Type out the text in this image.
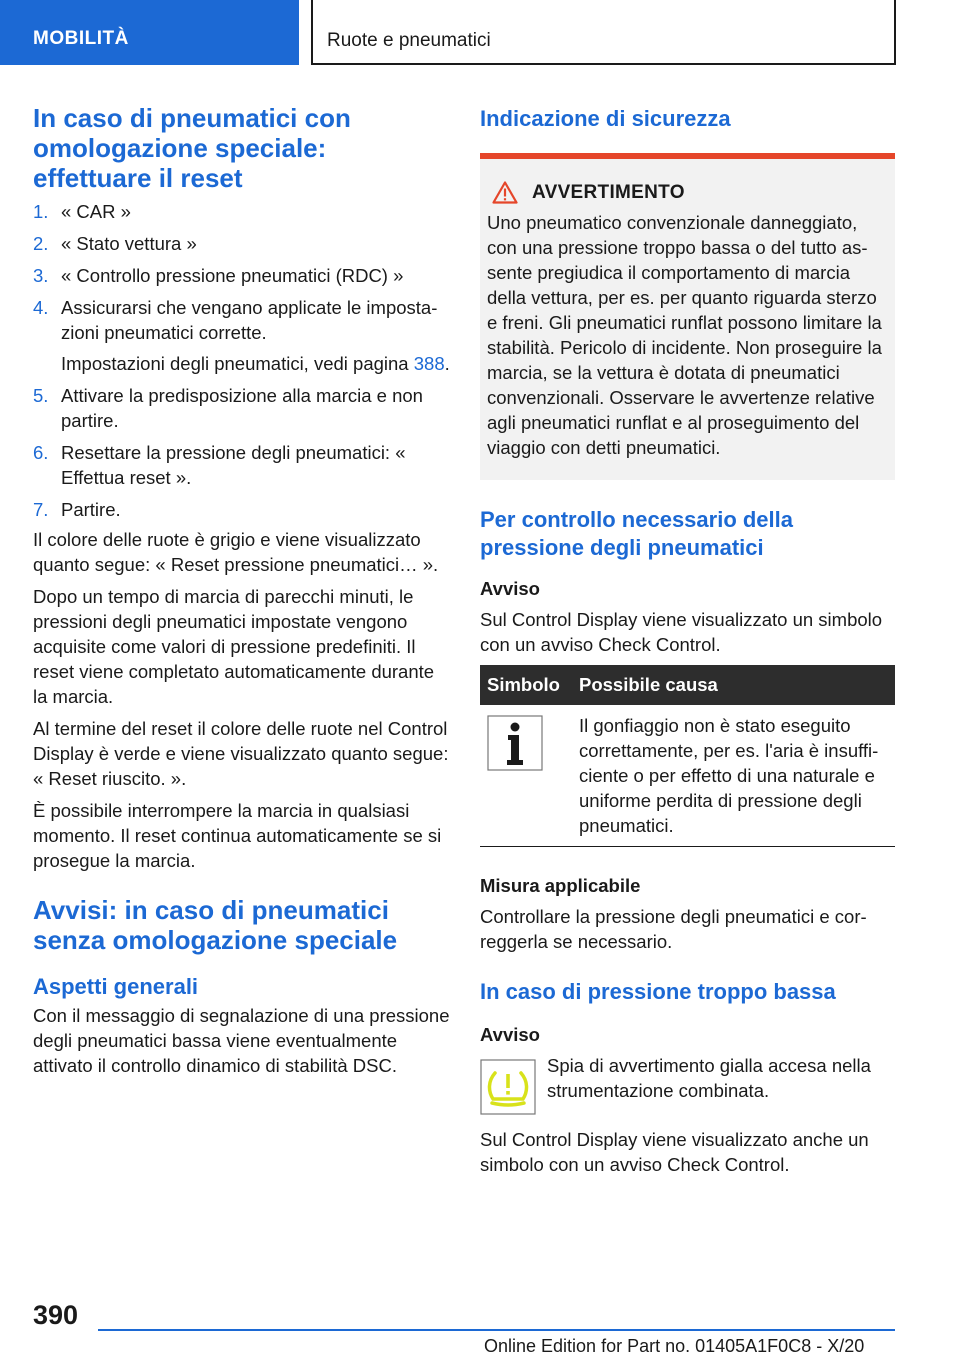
MOBILITÀ	Ruote e pneumatici
In caso di pneumatici con omologazione speciale: effettuare il reset
1. « CAR »
2. « Stato vettura »
3. « Controllo pressione pneumatici (RDC) »
4. Assicurarsi che vengano applicate le impostazioni pneumatici corrette.
Impostazioni degli pneumatici, vedi pagina 388.
5. Attivare la predisposizione alla marcia e non partire.
6. Resettare la pressione degli pneumatici: « Effettua reset ».
7. Partire.

Il colore delle ruote è grigio e viene visualizzato quanto segue: « Reset pressione pneumatici… ».

Dopo un tempo di marcia di parecchi minuti, le pressioni degli pneumatici impostate vengono acquisite come valori di pressione predefiniti. Il reset viene completato automaticamente durante la marcia.

Al termine del reset il colore delle ruote nel Control Display è verde e viene visualizzato quanto segue: « Reset riuscito. ».

È possibile interrompere la marcia in qualsiasi momento. Il reset continua automaticamente se si prosegue la marcia.

Avvisi: in caso di pneumatici senza omologazione speciale
Aspetti generali

Con il messaggio di segnalazione di una pressione degli pneumatici bassa viene eventualmente attivato il controllo dinamico di stabilità DSC.

Indicazione di sicurezza
AVVERTIMENTO

Uno pneumatico convenzionale danneggiato, con una pressione troppo bassa o del tutto assente pregiudica il comportamento di marcia della vettura, per es. per quanto riguarda sterzo e freni. Gli pneumatici runflat possono limitare la stabilità. Pericolo di incidente. Non proseguire la marcia, se la vettura è dotata di pneumatici convenzionali. Osservare le avvertenze relative agli pneumatici runflat e al proseguimento del viaggio con detti pneumatici.

Per controllo necessario della pressione degli pneumatici
Avviso

Sul Control Display viene visualizzato un simbolo con un avviso Check Control.

Simbolo	Possibile causa

	Il gonfiaggio non è stato eseguito correttamente, per es. l'aria è insufficiente o per effetto di una naturale e uniforme perdita di pressione degli pneumatici.
Misura applicabile

Controllare la pressione degli pneumatici e correggerla se necessario.

In caso di pressione troppo bassa
Avviso

Spia di avvertimento gialla accesa nella strumentazione combinata.

Sul Control Display viene visualizzato anche un simbolo con un avviso Check Control.

390
Online Edition for Part no. 01405A1F0C8 - X/20
